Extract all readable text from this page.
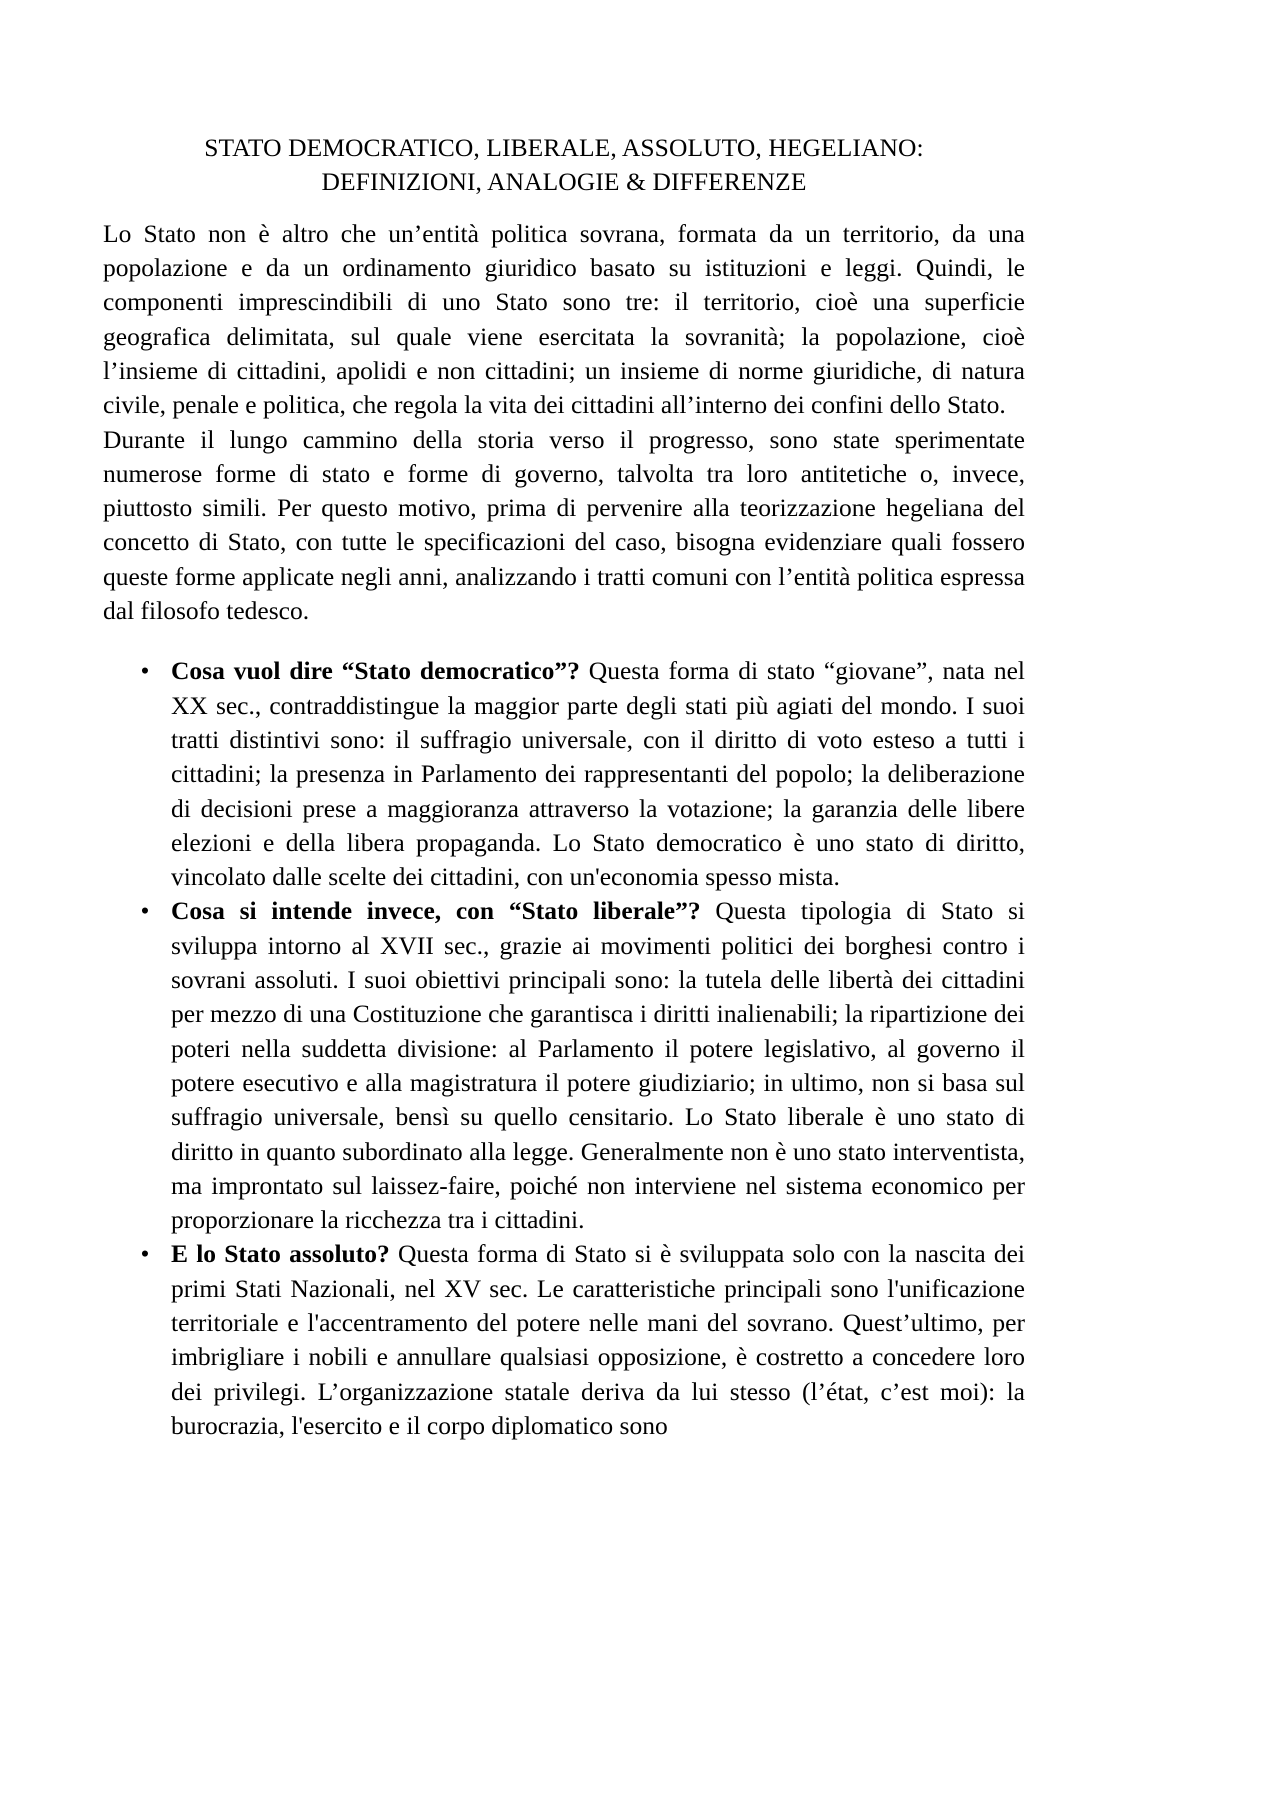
STATO DEMOCRATICO, LIBERALE, ASSOLUTO, HEGELIANO:
DEFINIZIONI, ANALOGIE & DIFFERENZE

Lo Stato non è altro che un’entità politica sovrana, formata da un territorio, da una popolazione e da un ordinamento giuridico basato su istituzioni e leggi. Quindi, le componenti imprescindibili di uno Stato sono tre: il territorio, cioè una superficie geografica delimitata, sul quale viene esercitata la sovranità; la popolazione, cioè l’insieme di cittadini, apolidi e non cittadini; un insieme di norme giuridiche, di natura civile, penale e politica, che regola la vita dei cittadini all’interno dei confini dello Stato.

Durante il lungo cammino della storia verso il progresso, sono state sperimentate numerose forme di stato e forme di governo, talvolta tra loro antitetiche o, invece, piuttosto simili. Per questo motivo, prima di pervenire alla teorizzazione hegeliana del concetto di Stato, con tutte le specificazioni del caso, bisogna evidenziare quali fossero queste forme applicate negli anni, analizzando i tratti comuni con l’entità politica espressa dal filosofo tedesco.

• Cosa vuol dire “Stato democratico”? Questa forma di stato “giovane”, nata nel XX sec., contraddistingue la maggior parte degli stati più agiati del mondo. I suoi tratti distintivi sono: il suffragio universale, con il diritto di voto esteso a tutti i cittadini; la presenza in Parlamento dei rappresentanti del popolo; la deliberazione di decisioni prese a maggioranza attraverso la votazione; la garanzia delle libere elezioni e della libera propaganda. Lo Stato democratico è uno stato di diritto, vincolato dalle scelte dei cittadini, con un'economia spesso mista.
• Cosa si intende invece, con “Stato liberale”? Questa tipologia di Stato si sviluppa intorno al XVII sec., grazie ai movimenti politici dei borghesi contro i sovrani assoluti. I suoi obiettivi principali sono: la tutela delle libertà dei cittadini per mezzo di una Costituzione che garantisca i diritti inalienabili; la ripartizione dei poteri nella suddetta divisione: al Parlamento il potere legislativo, al governo il potere esecutivo e alla magistratura il potere giudiziario; in ultimo, non si basa sul suffragio universale, bensì su quello censitario. Lo Stato liberale è uno stato di diritto in quanto subordinato alla legge. Generalmente non è uno stato interventista, ma improntato sul laissez-faire, poiché non interviene nel sistema economico per proporzionare la ricchezza tra i cittadini.
• E lo Stato assoluto? Questa forma di Stato si è sviluppata solo con la nascita dei primi Stati Nazionali, nel XV sec. Le caratteristiche principali sono l'unificazione territoriale e l'accentramento del potere nelle mani del sovrano. Quest’ultimo, per imbrigliare i nobili e annullare qualsiasi opposizione, è costretto a concedere loro dei privilegi. L’organizzazione statale deriva da lui stesso (l’état, c’est moi): la burocrazia, l'esercito e il corpo diplomatico sono
